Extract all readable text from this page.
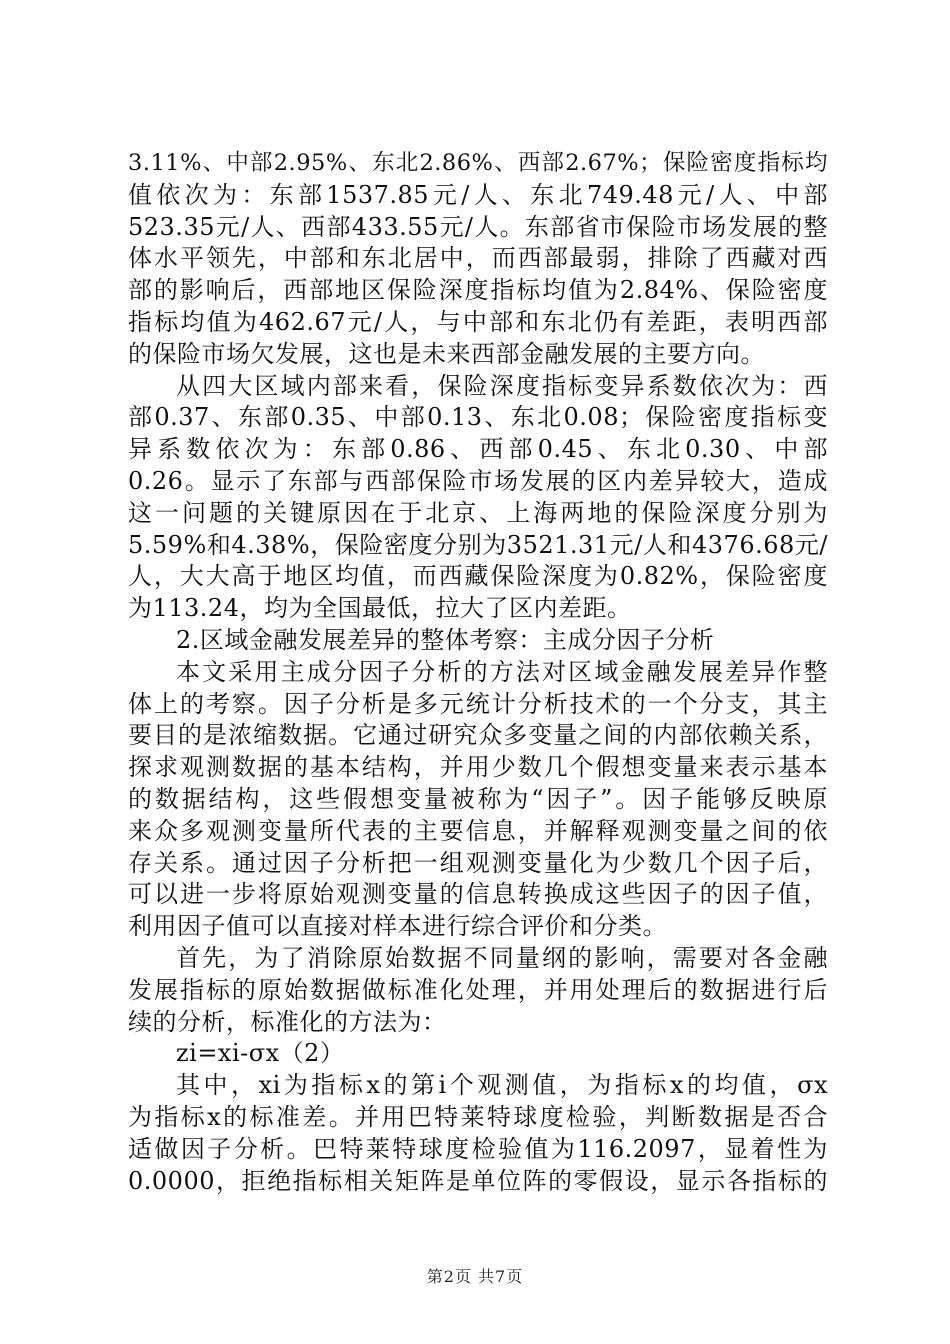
3.11%、中部2.95%、东北2.86%、西部2.67%；保险密度指标均
值依次为：东部1537.85元/人、东北749.48元/人、中部
523.35元/人、西部433.55元/人。东部省市保险市场发展的整
体水平领先，中部和东北居中，而西部最弱，排除了西藏对西
部的影响后，西部地区保险深度指标均值为2.84%、保险密度
指标均值为462.67元/人，与中部和东北仍有差距，表明西部
的保险市场欠发展，这也是未来西部金融发展的主要方向。
从四大区域内部来看，保险深度指标变异系数依次为：西
部0.37、东部0.35、中部0.13、东北0.08；保险密度指标变
异系数依次为：东部0.86、西部0.45、东北0.30、中部
0.26。显示了东部与西部保险市场发展的区内差异较大，造成
这一问题的关键原因在于北京、上海两地的保险深度分别为
5.59%和4.38%，保险密度分别为3521.31元/人和4376.68元/
人，大大高于地区均值，而西藏保险深度为0.82%，保险密度
为113.24，均为全国最低，拉大了区内差距。
2.区域金融发展差异的整体考察：主成分因子分析
本文采用主成分因子分析的方法对区域金融发展差异作整
体上的考察。因子分析是多元统计分析技术的一个分支，其主
要目的是浓缩数据。它通过研究众多变量之间的内部依赖关系，
探求观测数据的基本结构，并用少数几个假想变量来表示基本
的数据结构，这些假想变量被称为“因子”。因子能够反映原
来众多观测变量所代表的主要信息，并解释观测变量之间的依
存关系。通过因子分析把一组观测变量化为少数几个因子后，
可以进一步将原始观测变量的信息转换成这些因子的因子值，
利用因子值可以直接对样本进行综合评价和分类。
首先，为了消除原始数据不同量纲的影响，需要对各金融
发展指标的原始数据做标准化处理，并用处理后的数据进行后
续的分析，标准化的方法为：
zi=xi-σx（2）
其中，xi为指标x的第i个观测值，为指标x的均值，σx
为指标x的标准差。并用巴特莱特球度检验，判断数据是否合
适做因子分析。巴特莱特球度检验值为116.2097，显着性为
0.0000，拒绝指标相关矩阵是单位阵的零假设，显示各指标的
第2页 共7页
